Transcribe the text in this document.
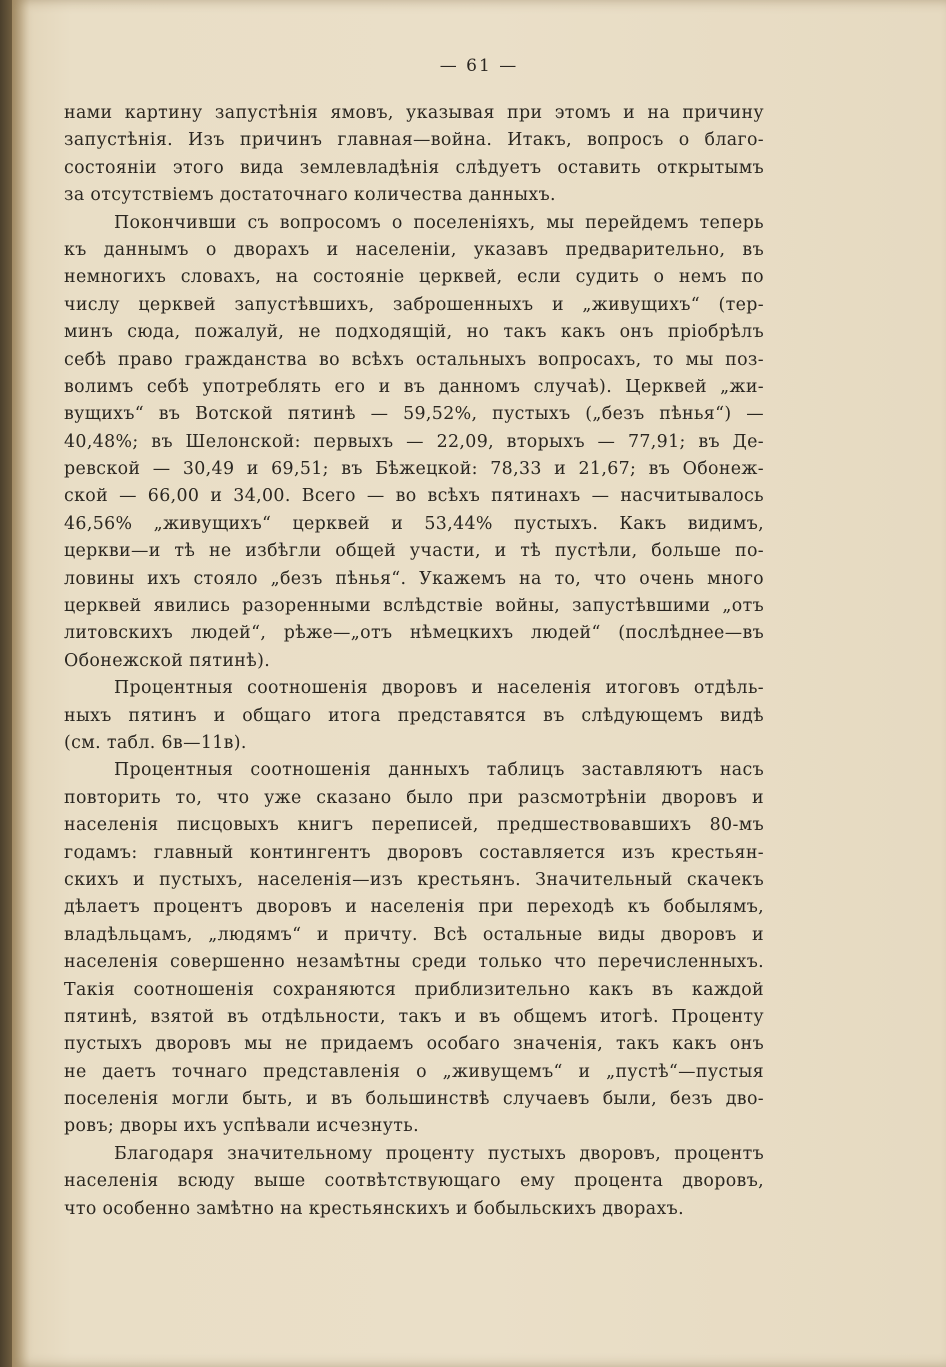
— 61 —

нами картину запустѣнія ямовъ, указывая при этомъ и на причину
запустѣнія. Изъ причинъ главная—война. Итакъ, вопросъ о благо-
состояніи этого вида землевладѣнія слѣдуетъ оставить открытымъ
за отсутствіемъ достаточнаго количества данныхъ.

Покончивши съ вопросомъ о поселеніяхъ, мы перейдемъ теперь
къ даннымъ о дворахъ и населеніи, указавъ предварительно, въ
немногихъ словахъ, на состояніе церквей, если судить о немъ по
числу церквей запустѣвшихъ, заброшенныхъ и „живущихъ“ (тер-
минъ сюда, пожалуй, не подходящій, но такъ какъ онъ пріобрѣлъ
себѣ право гражданства во всѣхъ остальныхъ вопросахъ, то мы поз-
волимъ себѣ употреблять его и въ данномъ случаѣ). Церквей „жи-
вущихъ“ въ Вотской пятинѣ — 59,52%, пустыхъ („безъ пѣнья“) —
40,48%; въ Шелонской: первыхъ — 22,09, вторыхъ — 77,91; въ Де-
ревской — 30,49 и 69,51; въ Бѣжецкой: 78,33 и 21,67; въ Обонеж-
ской — 66,00 и 34,00. Всего — во всѣхъ пятинахъ — насчитывалось
46,56% „живущихъ“ церквей и 53,44% пустыхъ. Какъ видимъ,
церкви—и тѣ не избѣгли общей участи, и тѣ пустѣли, больше по-
ловины ихъ стояло „безъ пѣнья“. Укажемъ на то, что очень много
церквей явились разоренными вслѣдствіе войны, запустѣвшими „отъ
литовскихъ людей“, рѣже—„отъ нѣмецкихъ людей“ (послѣднее—въ
Обонежской пятинѣ).

Процентныя соотношенія дворовъ и населенія итоговъ отдѣль-
ныхъ пятинъ и общаго итога представятся въ слѣдующемъ видѣ
(см. табл. 6в—11в).

Процентныя соотношенія данныхъ таблицъ заставляютъ насъ
повторить то, что уже сказано было при разсмотрѣніи дворовъ и
населенія писцовыхъ книгъ переписей, предшествовавшихъ 80-мъ
годамъ: главный контингентъ дворовъ составляется изъ крестьян-
скихъ и пустыхъ, населенія—изъ крестьянъ. Значительный скачекъ
дѣлаетъ процентъ дворовъ и населенія при переходѣ къ бобылямъ,
владѣльцамъ, „людямъ“ и причту. Всѣ остальные виды дворовъ и
населенія совершенно незамѣтны среди только что перечисленныхъ.
Такія соотношенія сохраняются приблизительно какъ въ каждой
пятинѣ, взятой въ отдѣльности, такъ и въ общемъ итогѣ. Проценту
пустыхъ дворовъ мы не придаемъ особаго значенія, такъ какъ онъ
не даетъ точнаго представленія о „живущемъ“ и „пустѣ“—пустыя
поселенія могли быть, и въ большинствѣ случаевъ были, безъ дво-
ровъ; дворы ихъ успѣвали исчезнуть.

Благодаря значительному проценту пустыхъ дворовъ, процентъ
населенія всюду выше соотвѣтствующаго ему процента дворовъ,
что особенно замѣтно на крестьянскихъ и бобыльскихъ дворахъ.
